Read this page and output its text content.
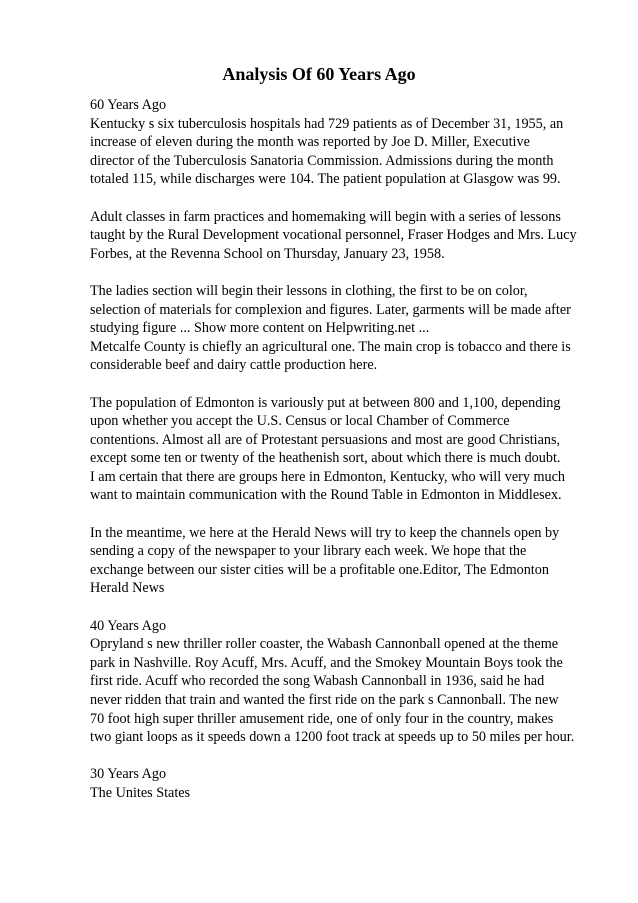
Analysis Of 60 Years Ago

60 Years Ago
Kentucky s six tuberculosis hospitals had 729 patients as of December 31, 1955, an
increase of eleven during the month was reported by Joe D. Miller, Executive
director of the Tuberculosis Sanatoria Commission. Admissions during the month
totaled 115, while discharges were 104. The patient population at Glasgow was 99.

Adult classes in farm practices and homemaking will begin with a series of lessons
taught by the Rural Development vocational personnel, Fraser Hodges and Mrs. Lucy
Forbes, at the Revenna School on Thursday, January 23, 1958.

The ladies section will begin their lessons in clothing, the first to be on color,
selection of materials for complexion and figures. Later, garments will be made after
studying figure ... Show more content on Helpwriting.net ...
Metcalfe County is chiefly an agricultural one. The main crop is tobacco and there is
considerable beef and dairy cattle production here.

The population of Edmonton is variously put at between 800 and 1,100, depending
upon whether you accept the U.S. Census or local Chamber of Commerce
contentions. Almost all are of Protestant persuasions and most are good Christians,
except some ten or twenty of the heathenish sort, about which there is much doubt.
I am certain that there are groups here in Edmonton, Kentucky, who will very much
want to maintain communication with the Round Table in Edmonton in Middlesex.

In the meantime, we here at the Herald News will try to keep the channels open by
sending a copy of the newspaper to your library each week. We hope that the
exchange between our sister cities will be a profitable one.Editor, The Edmonton
Herald News

40 Years Ago
Opryland s new thriller roller coaster, the Wabash Cannonball opened at the theme
park in Nashville. Roy Acuff, Mrs. Acuff, and the Smokey Mountain Boys took the
first ride. Acuff who recorded the song Wabash Cannonball in 1936, said he had
never ridden that train and wanted the first ride on the park s Cannonball. The new
70 foot high super thriller amusement ride, one of only four in the country, makes
two giant loops as it speeds down a 1200 foot track at speeds up to 50 miles per hour.

30 Years Ago
The Unites States
